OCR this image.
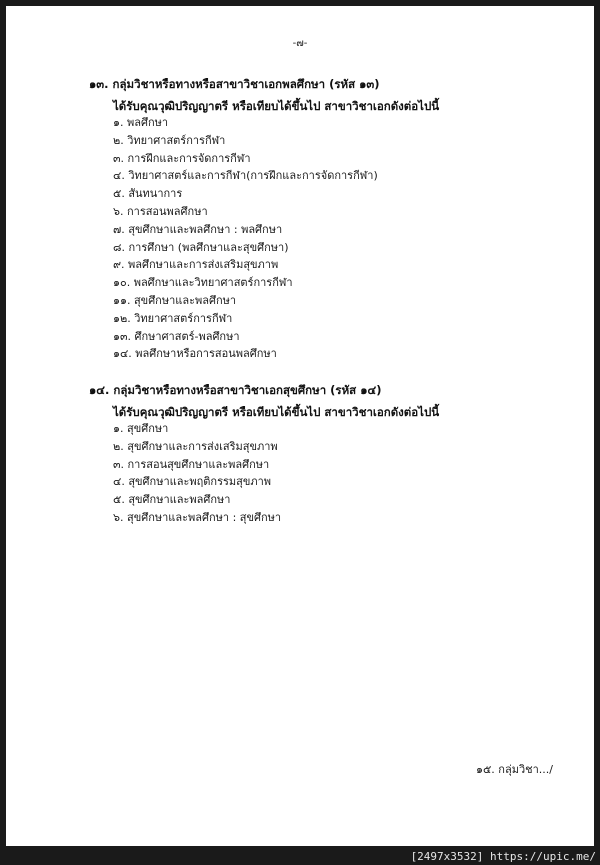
-๗-
๑๓. กลุ่มวิชาหรือทางหรือสาขาวิชาเอกพลศึกษา (รหัส ๑๓)
ได้รับคุณวุฒิปริญญาตรี หรือเทียบได้ขึ้นไป สาขาวิชาเอกดังต่อไปนี้
๑. พลศึกษา
๒. วิทยาศาสตร์การกีฬา
๓. การฝึกและการจัดการกีฬา
๔. วิทยาศาสตร์และการกีฬา(การฝึกและการจัดการกีฬา)
๕. สันทนาการ
๖. การสอนพลศึกษา
๗. สุขศึกษาและพลศึกษา : พลศึกษา
๘. การศึกษา (พลศึกษาและสุขศึกษา)
๙. พลศึกษาและการส่งเสริมสุขภาพ
๑๐. พลศึกษาและวิทยาศาสตร์การกีฬา
๑๑. สุขศึกษาและพลศึกษา
๑๒. วิทยาศาสตร์การกีฬา
๑๓. ศึกษาศาสตร์-พลศึกษา
๑๔. พลศึกษาหรือการสอนพลศึกษา
๑๔. กลุ่มวิชาหรือทางหรือสาขาวิชาเอกสุขศึกษา (รหัส ๑๔)
ได้รับคุณวุฒิปริญญาตรี หรือเทียบได้ขึ้นไป สาขาวิชาเอกดังต่อไปนี้
๑. สุขศึกษา
๒. สุขศึกษาและการส่งเสริมสุขภาพ
๓. การสอนสุขศึกษาและพลศึกษา
๔. สุขศึกษาและพฤติกรรมสุขภาพ
๕. สุขศึกษาและพลศึกษา
๖. สุขศึกษาและพลศึกษา : สุขศึกษา
๑๕. กลุ่มวิชา.../
[2497x3532] https://upic.me/
